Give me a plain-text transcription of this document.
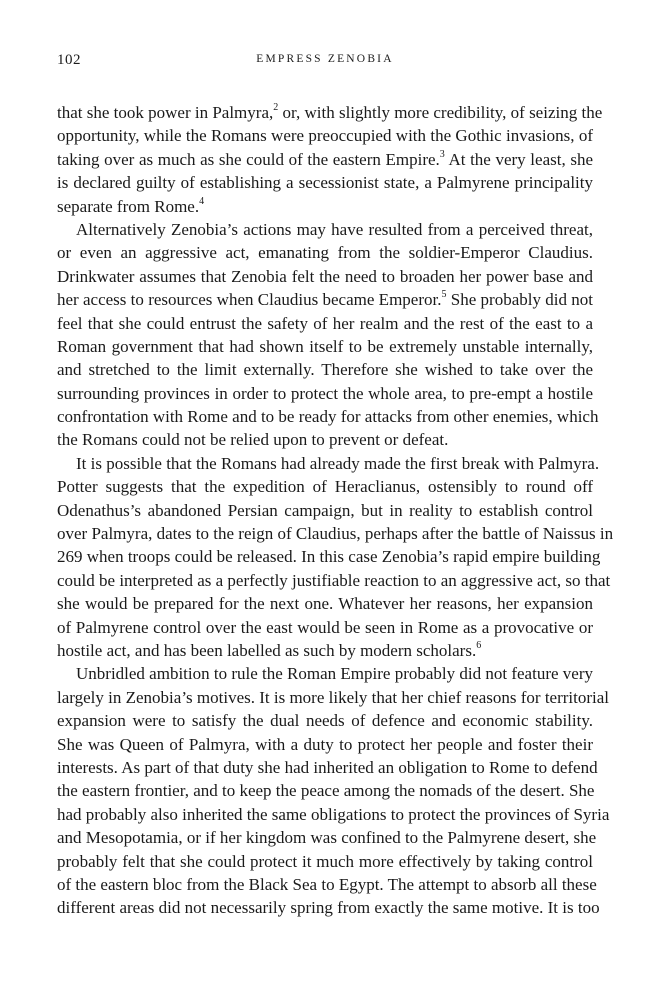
102	EMPRESS ZENOBIA
that she took power in Palmyra,$^2$ or, with slightly more credibility, of seizing the
opportunity, while the Romans were preoccupied with the Gothic invasions, of
taking over as much as she could of the eastern Empire.$^3$ At the very least, she
is declared guilty of establishing a secessionist state, a Palmyrene principality
separate from Rome.$^4$
Alternatively Zenobia’s actions may have resulted from a perceived threat,
or even an aggressive act, emanating from the soldier-Emperor Claudius.
Drinkwater assumes that Zenobia felt the need to broaden her power base and
her access to resources when Claudius became Emperor.$^5$ She probably did not
feel that she could entrust the safety of her realm and the rest of the east to a
Roman government that had shown itself to be extremely unstable internally,
and stretched to the limit externally. Therefore she wished to take over the
surrounding provinces in order to protect the whole area, to pre-empt a hostile
confrontation with Rome and to be ready for attacks from other enemies, which
the Romans could not be relied upon to prevent or defeat.
It is possible that the Romans had already made the first break with Palmyra.
Potter suggests that the expedition of Heraclianus, ostensibly to round off
Odenathus’s abandoned Persian campaign, but in reality to establish control
over Palmyra, dates to the reign of Claudius, perhaps after the battle of Naissus in
269 when troops could be released. In this case Zenobia’s rapid empire building
could be interpreted as a perfectly justifiable reaction to an aggressive act, so that
she would be prepared for the next one. Whatever her reasons, her expansion
of Palmyrene control over the east would be seen in Rome as a provocative or
hostile act, and has been labelled as such by modern scholars.$^6$
Unbridled ambition to rule the Roman Empire probably did not feature very
largely in Zenobia’s motives. It is more likely that her chief reasons for territorial
expansion were to satisfy the dual needs of defence and economic stability.
She was Queen of Palmyra, with a duty to protect her people and foster their
interests. As part of that duty she had inherited an obligation to Rome to defend
the eastern frontier, and to keep the peace among the nomads of the desert. She
had probably also inherited the same obligations to protect the provinces of Syria
and Mesopotamia, or if her kingdom was confined to the Palmyrene desert, she
probably felt that she could protect it much more effectively by taking control
of the eastern bloc from the Black Sea to Egypt. The attempt to absorb all these
different areas did not necessarily spring from exactly the same motive. It is too
